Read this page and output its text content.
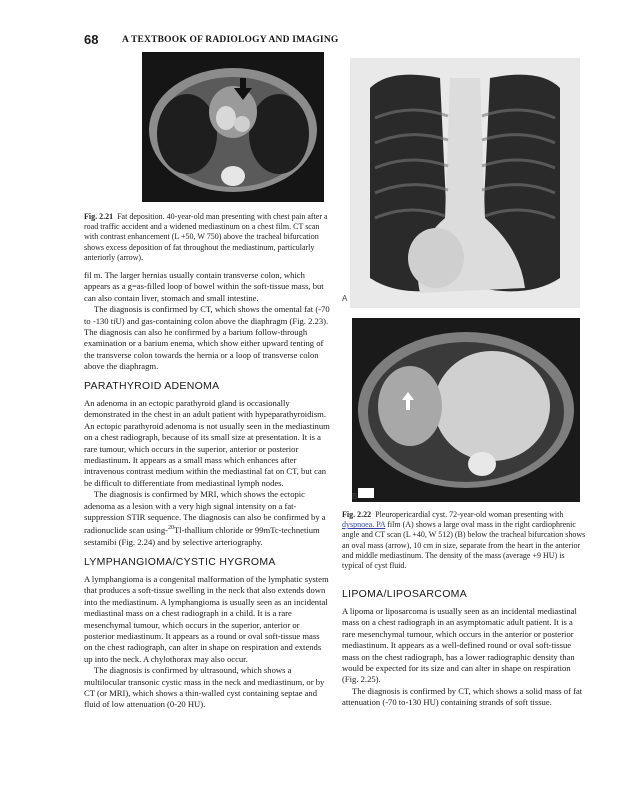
68 A TEXTBOOK OF RADIOLOGY AND IMAGING
Fig. 2.21 Fat deposition. 40-year-old man presenting with chest pain after a road traffic accident and a widened mediastinum on a chest film. CT scan with contrast enhancement (L +50, W 750) above the tracheal bifurcation shows excess deposition of fat throughout the mediastinum, particularly anteriorly (arrow).

fil m. The larger hernias usually contain transverse colon, which appears as a g=as-filled loop of bowel within the soft-tissue mass, but can also contain liver, stomach and small intestine.

The diagnosis is confirmed by CT, which shows the omental fat (-70 to -130 tiU) and gas-containing colon above the diaphragm (Fig. 2.23). The diagnosis can also he confirmed by a barium follow-through examination or a barium enema, which show either upward tenting of the transverse colon towards the hernia or a loop of transverse colon above the diaphragm.

PARATHYROID ADENOMA

An adenoma in an ectopic parathyroid gland is occasionally demonstrated in the chest in an adult patient with hypeparathyroidism. An ectopic parathyroid adenoma is not usually seen in the mediastinum on a chest radiograph, because of its small size at presentation. It is a rare tumour, which occurs in the superior, anterior or posterior mediastinum. It appears as a small mass which enhances after intravenous contrast medium within the mediastinal fat on CT, but can be difficult to differentiate from mediastinal lymph nodes.

The diagnosis is confirmed by MRI, which shows the ectopic adenoma as a lesion with a very high signal intensity on a fat-suppression STIR sequence. The diagnosis can also be confirmed by a radionuclide scan using-$^{20}$Tl-thallium chloride or 99mTc-technetium sestamibi (Fig. 2.24) and by selective arteriography.

LYMPHANGIOMA/CYSTIC HYGROMA

A lymphangioma is a congenital malformation of the lymphatic system that produces a soft-tissue swelling in the neck that also extends down into the mediastinum. A lymphangioma is usually seen as an incidental mediastinal mass on a chest radiograph in a child. It is a rare mesenchymal tumour, which occurs in the superior, anterior or posterior mediastinum. It appears as a round or oval soft-tissue mass on the chest radiograph, can alter in shape on respiration and extends up into the neck. A chylothorax may also occur.

The diagnosis is confirmed by ultrasound, which shows a multilocular transonic cystic mass in the neck and mediastinum, or by CT (or MRI), which shows a thin-walled cyst containing septae and fluid of low attenuation (0-20 HU).

A
B
Fig. 2.22 Pleuropericardial cyst. 72-year-old woman presenting with dyspnoea. PA film (A) shows a large oval mass in the right cardiophrenic angle and CT scan (L +40, W 512) (B) below the tracheal bifurcation shows an oval mass (arrow), 10 cm in size, separate from the heart in the anterior and middle mediastinum. The density of the mass (average +9 HU) is typical of cyst fluid.
LIPOMA/LIPOSARCOMA

A lipoma or liposarcoma is usually seen as an incidental mediastinal mass on a chest radiograph in an asymptomatic adult patient. It is a rare mesenchymal tumour, which occurs in the anterior or posterior mediastinum. It appears as a well-defined round or oval soft-tissue mass on the chest radiograph, has a lower radiographic density than would be expected for its size and can alter in shape on respiration (Fig. 2.25).

The diagnosis is confirmed by CT, which shows a solid mass of fat attenuation (-70 to-130 HU) containing strands of soft tissue.
